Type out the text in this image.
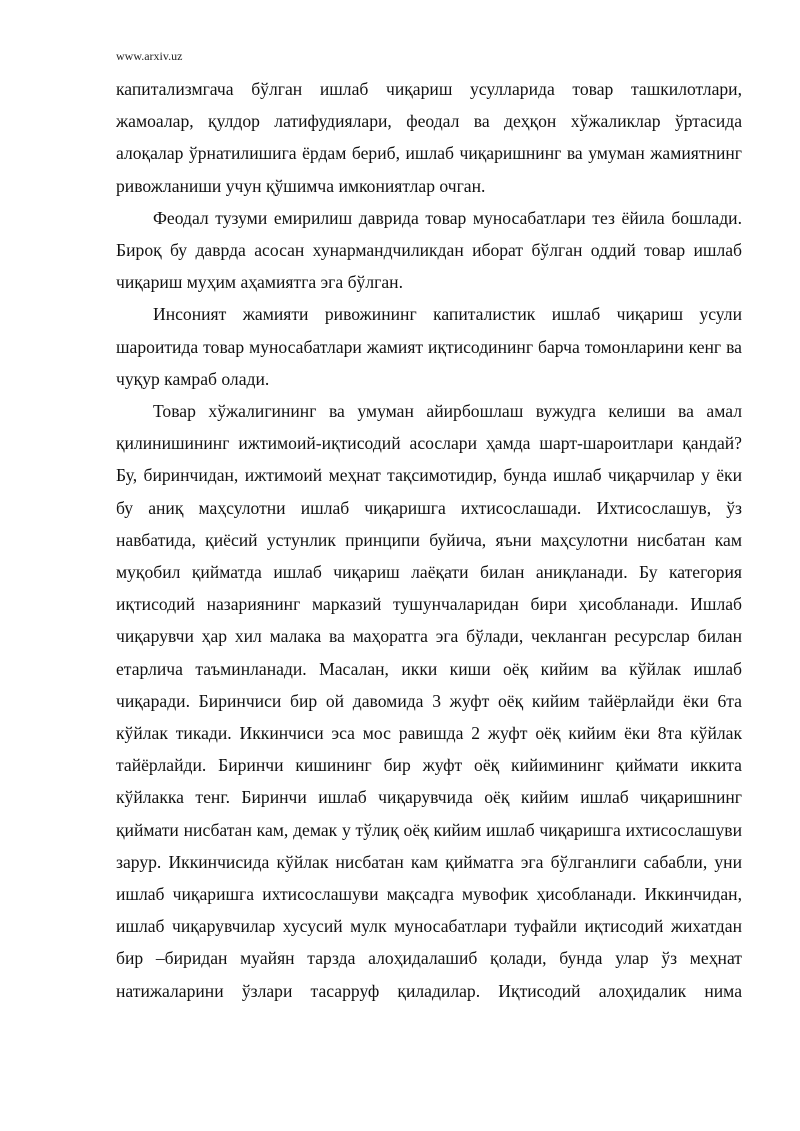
www.arxiv.uz

капитализмгача бўлган ишлаб чиқариш усулларида товар ташкилотлари, жамоалар, қулдор латифудиялари, феодал ва деҳқон хўжаликлар ўртасида алоқалар ўрнатилишига ёрдам бериб, ишлаб чиқаришнинг ва умуман жамиятнинг ривожланиши учун қўшимча имкониятлар очган.

Феодал тузуми емирилиш даврида товар муносабатлари тез ёйила бошлади. Бироқ бу даврда асосан хунармандчиликдан иборат бўлган оддий товар ишлаб чиқариш муҳим аҳамиятга эга бўлган.

Инсоният жамияти ривожининг капиталистик ишлаб чиқариш усули шароитида товар муносабатлари жамият иқтисодининг барча томонларини кенг ва чуқур камраб олади.

Товар хўжалигининг ва умуман айирбошлаш вужудга келиши ва амал қилинишининг ижтимоий-иқтисодий асослари ҳамда шарт-шароитлари қандай? Бу, биринчидан, ижтимоий меҳнат тақсимотидир, бунда ишлаб чиқарчилар у ёки бу аниқ маҳсулотни ишлаб чиқаришга ихтисослашади. Ихтисослашув, ўз навбатида, қиёсий устунлик принципи буйича, яъни маҳсулотни нисбатан кам муқобил қийматда ишлаб чиқариш лаёқати билан аниқланади. Бу категория иқтисодий назариянинг марказий тушунчаларидан бири ҳисобланади. Ишлаб чиқарувчи ҳар хил малака ва маҳоратга эга бўлади, чекланган ресурслар билан етарлича таъминланади. Масалан, икки киши оёқ кийим ва кўйлак ишлаб чиқаради. Биринчиси бир ой давомида 3 жуфт оёқ кийим тайёрлайди ёки 6та кўйлак тикади. Иккинчиси эса мос равишда 2 жуфт оёқ кийим ёки 8та кўйлак тайёрлайди. Биринчи кишининг бир жуфт оёқ кийимининг қиймати иккита кўйлакка тенг. Биринчи ишлаб чиқарувчида оёқ кийим ишлаб чиқаришнинг қиймати нисбатан кам, демак у тўлиқ оёқ кийим ишлаб чиқаришга ихтисослашуви зарур. Иккинчисида кўйлак нисбатан кам қийматга эга бўлганлиги сабабли, уни ишлаб чиқаришга ихтисослашуви мақсадга мувофик ҳисобланади. Иккинчидан, ишлаб чиқарувчилар хусусий мулк муносабатлари туфайли иқтисодий жихатдан бир –биридан муайян тарзда алоҳидалашиб қолади, бунда улар ўз меҳнат натижаларини ўзлари тасарруф қиладилар. Иқтисодий алоҳидалик нима
